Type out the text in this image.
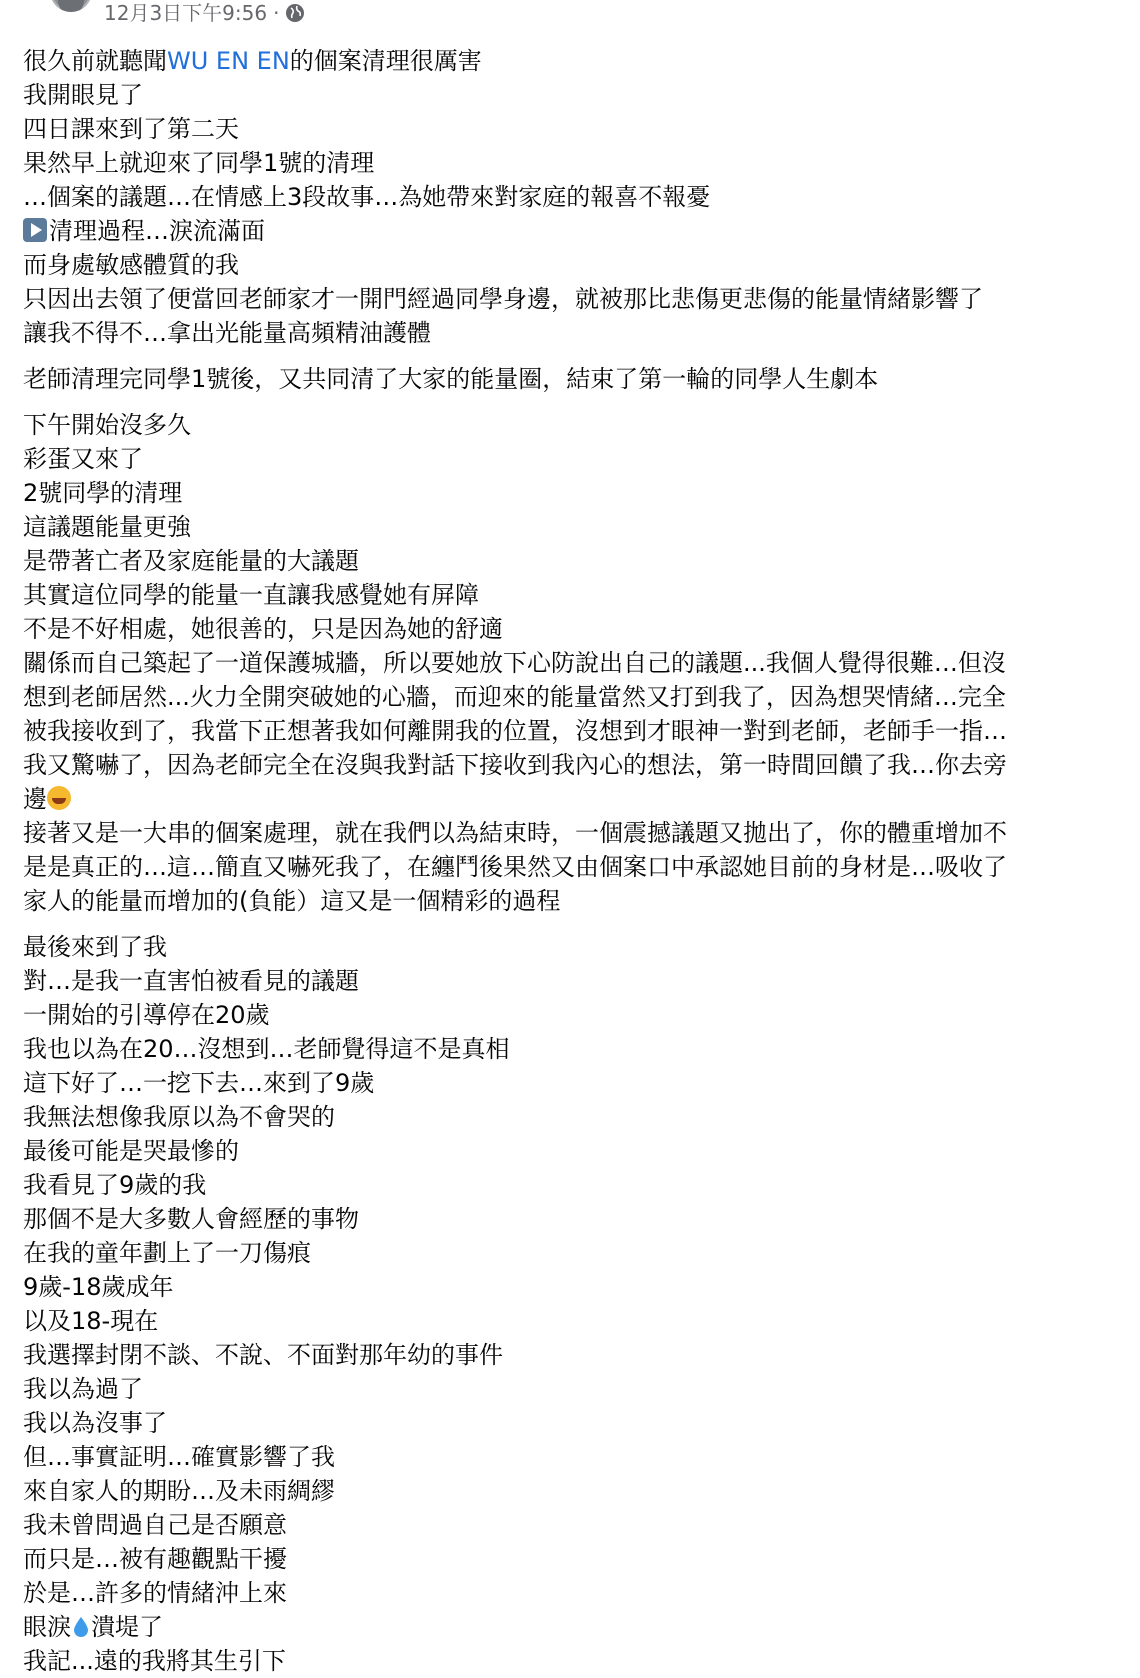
12月3日下午9:56 ·
很久前就聽聞WU EN EN的個案清理很厲害
我開眼見了
四日課來到了第二天
果然早上就迎來了同學1號的清理
…個案的議題…在情感上3段故事…為她帶來對家庭的報喜不報憂
清理過程…淚流滿面
而身處敏感體質的我
只因出去領了便當回老師家才一開門經過同學身邊，就被那比悲傷更悲傷的能量情緒影響了
讓我不得不…拿出光能量高頻精油護體
老師清理完同學1號後，又共同清了大家的能量圈，結束了第一輪的同學人生劇本
下午開始沒多久
彩蛋又來了
2號同學的清理
這議題能量更強
是帶著亡者及家庭能量的大議題
其實這位同學的能量一直讓我感覺她有屏障
不是不好相處，她很善的，只是因為她的舒適
關係而自己築起了一道保護城牆，所以要她放下心防說出自己的議題...我個人覺得很難…但沒
想到老師居然...火力全開突破她的心牆，而迎來的能量當然又打到我了，因為想哭情緒…完全
被我接收到了，我當下正想著我如何離開我的位置，沒想到才眼神一對到老師，老師手一指…
我又驚嚇了，因為老師完全在沒與我對話下接收到我內心的想法，第一時間回饋了我…你去旁
邊
接著又是一大串的個案處理，就在我們以為結束時，一個震撼議題又拋出了，你的體重增加不
是是真正的…這…簡直又嚇死我了，在纏鬥後果然又由個案口中承認她目前的身材是…吸收了
家人的能量而增加的(負能）這又是一個精彩的過程
最後來到了我
對…是我一直害怕被看見的議題
一開始的引導停在20歲
我也以為在20…沒想到…老師覺得這不是真相
這下好了…一挖下去…來到了9歲
我無法想像我原以為不會哭的
最後可能是哭最慘的
我看見了9歲的我
那個不是大多數人會經歷的事物
在我的童年劃上了一刀傷痕
9歲-18歲成年
以及18-現在
我選擇封閉不談、不說、不面對那年幼的事件
我以為過了
我以為沒事了
但…事實証明…確實影響了我
來自家人的期盼…及未雨綢繆
我未曾問過自己是否願意
而只是…被有趣觀點干擾
於是…許多的情緒沖上來
眼淚 潰堤了
我記...遠的我將其生引下
